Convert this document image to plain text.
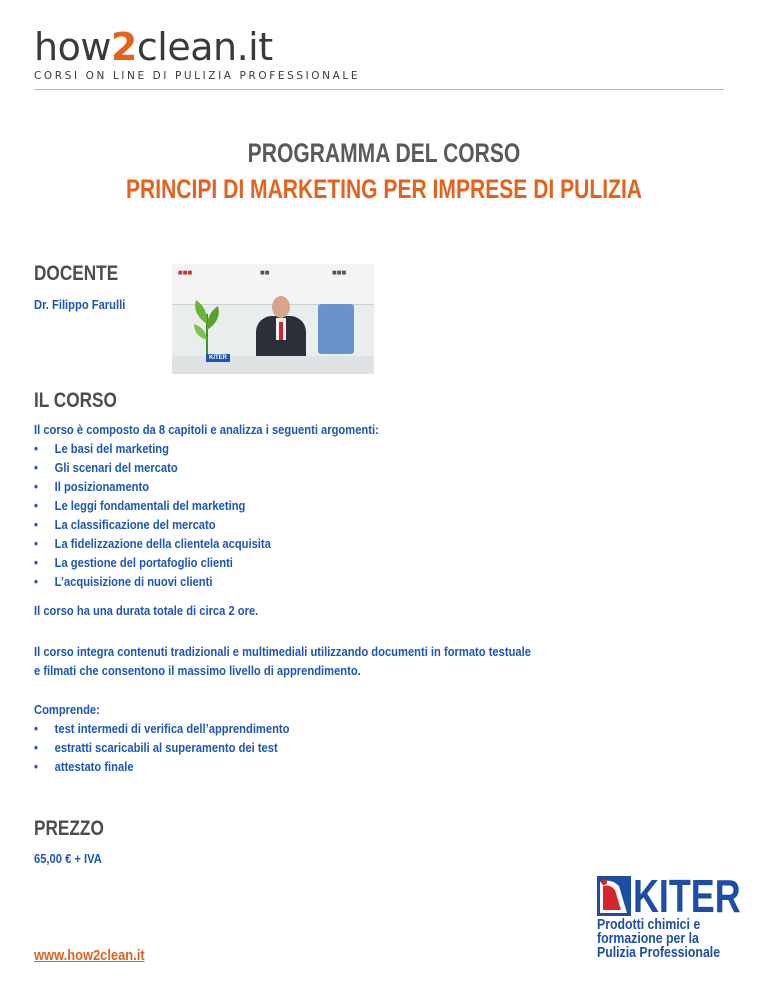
how 2 clean.it
CORSI ON LINE DI PULIZIA PROFESSIONALE
PROGRAMMA DEL CORSO
PRINCIPI DI MARKETING PER IMPRESE DI PULIZIA
DOCENTE
Dr. Filippo Farulli
■■■	■■	■■■
KITER
IL CORSO
Il corso è composto da 8 capitoli e analizza i seguenti argomenti:
•	Le basi del marketing
•	Gli scenari del mercato
•	Il posizionamento
•	Le leggi fondamentali del marketing
•	La classificazione del mercato
•	La fidelizzazione della clientela acquisita
•	La gestione del portafoglio clienti
•	L’acquisizione di nuovi clienti
Il corso ha una durata totale di circa 2 ore.
Il corso integra contenuti tradizionali e multimediali utilizzando documenti in formato testuale
e filmati che consentono il massimo livello di apprendimento.
Comprende:
•	test intermedi di verifica dell’apprendimento
•	estratti scaricabili al superamento dei test
•	attestato finale
PREZZO
65,00 € + IVA
KITER
Prodotti chimici e
formazione per la
Pulizia Professionale
www.how2clean.it
